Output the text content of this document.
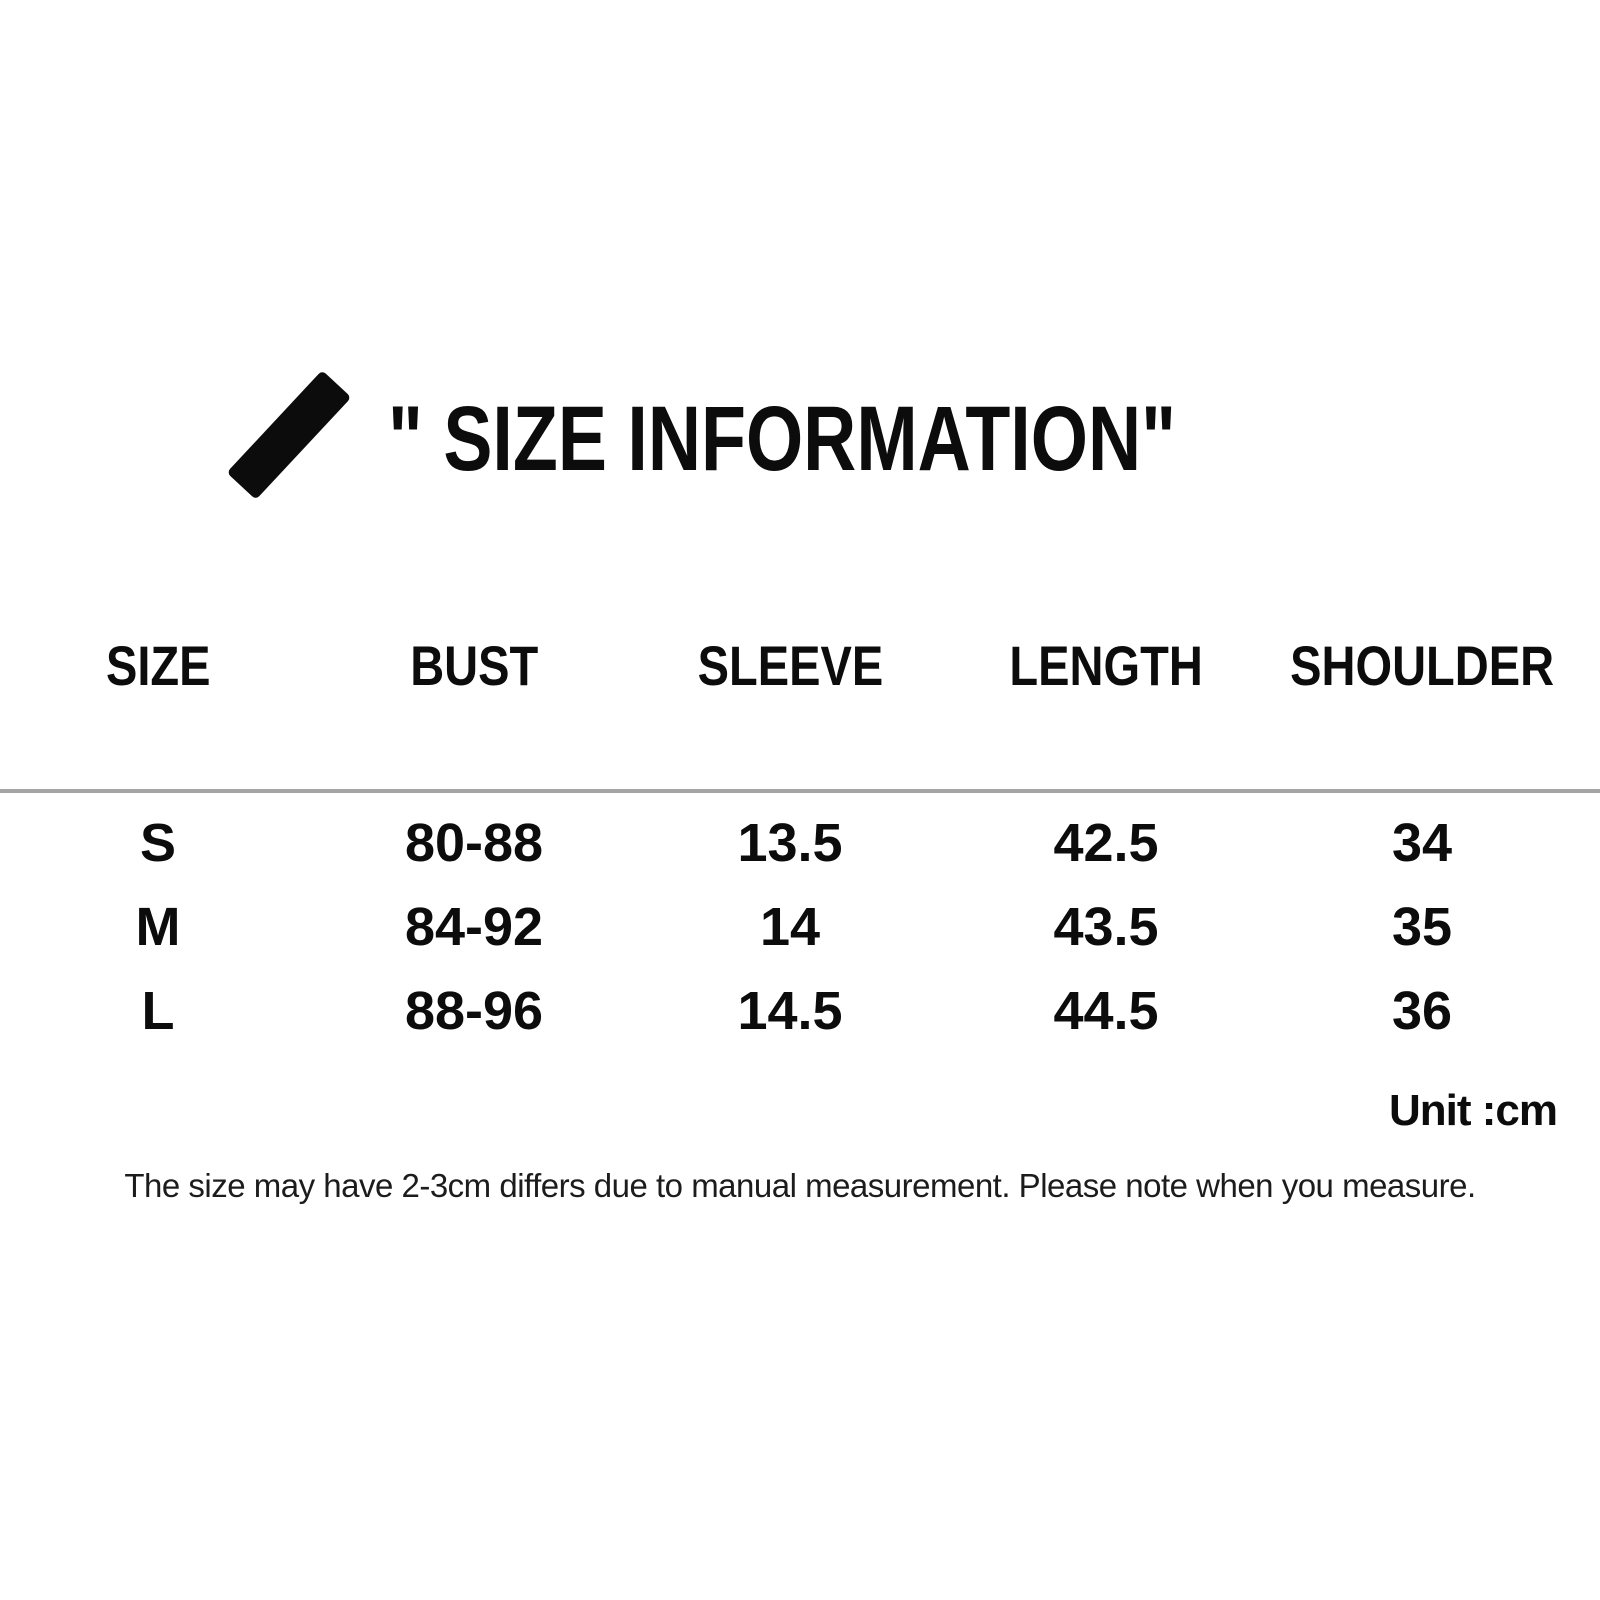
" SIZE INFORMATION"
SIZE	BUST	SLEEVE	LENGTH	SHOULDER
S	80-88	13.5	42.5	34
M	84-92	14	43.5	35
L	88-96	14.5	44.5	36
Unit :cm
The size may have 2-3cm differs due to manual measurement. Please note when you measure.
